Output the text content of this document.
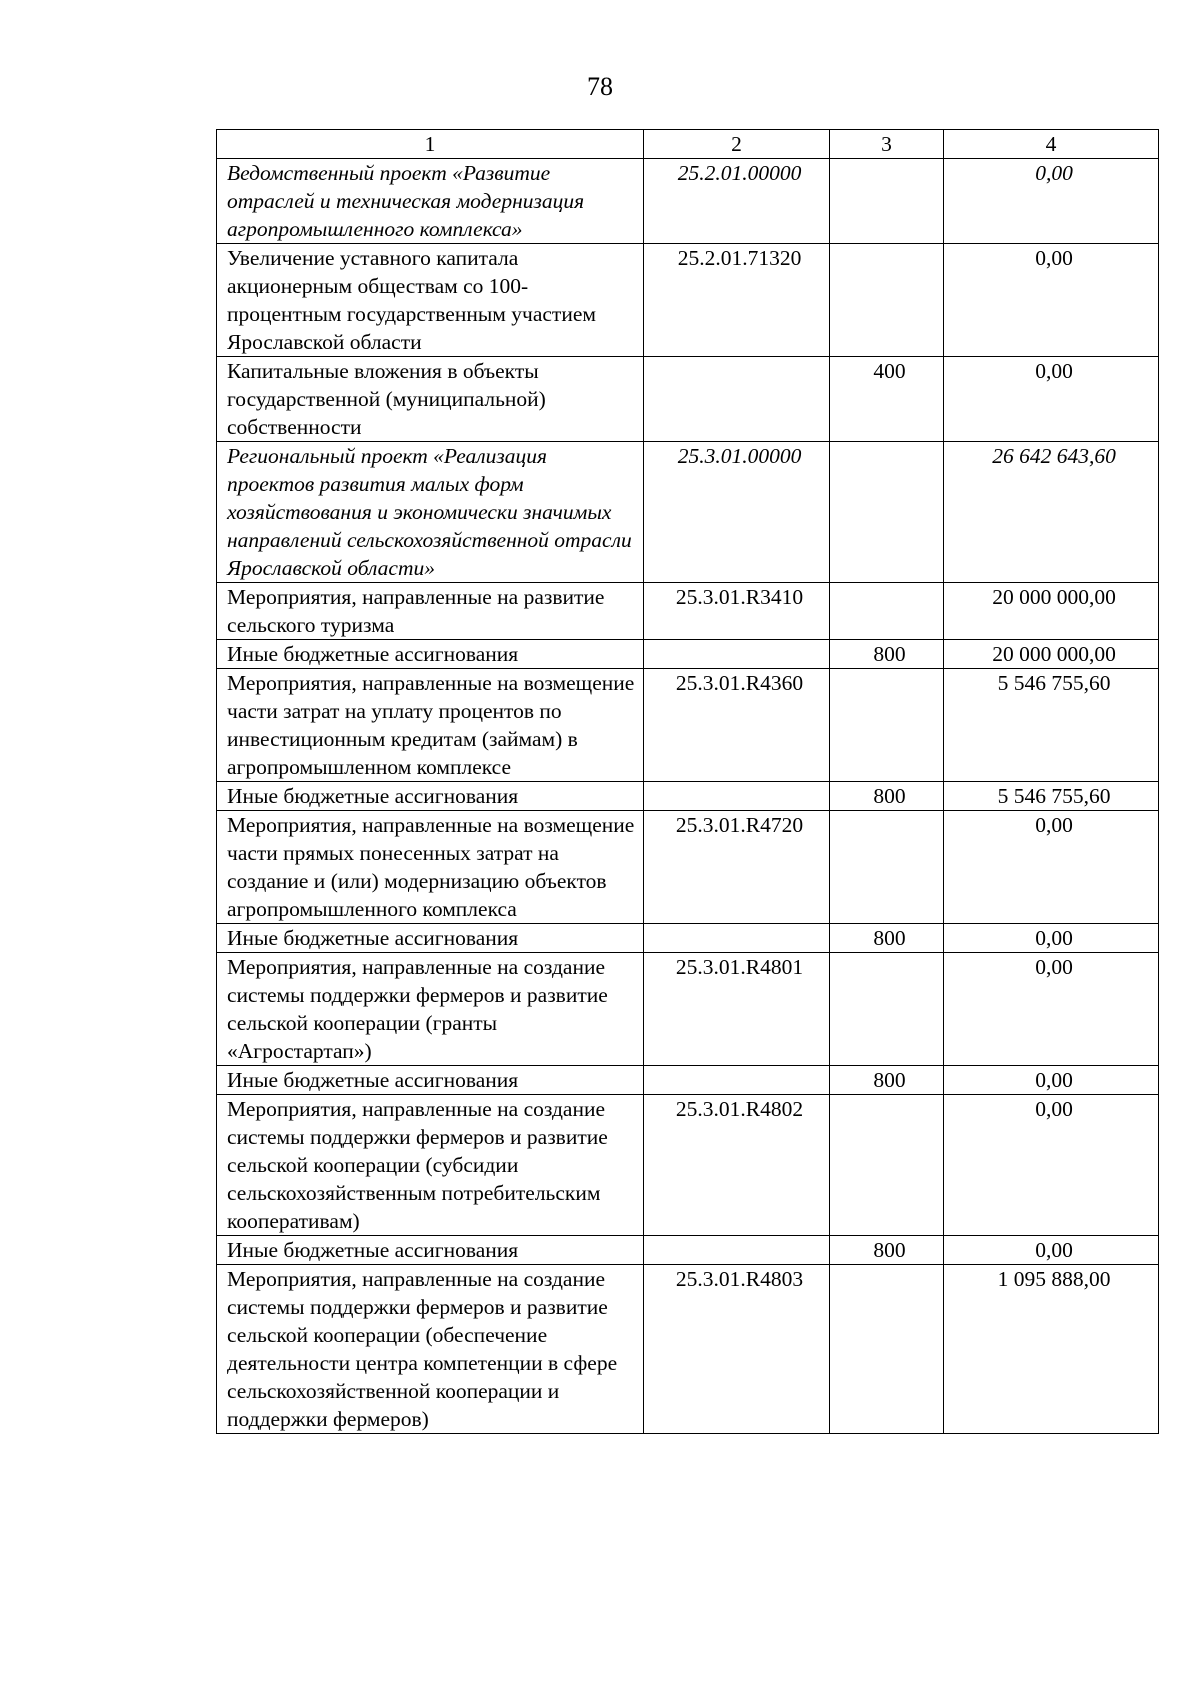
78
1	2	3	4
Ведомственный проект «Развитие отраслей и техническая модернизация агропромышленного комплекса»	25.2.01.00000		0,00
Увеличение уставного капитала акционерным обществам со 100-процентным государственным участием Ярославской области	25.2.01.71320		0,00
Капитальные вложения в объекты государственной (муниципальной) собственности		400	0,00
Региональный проект «Реализация проектов развития малых форм хозяйствования и экономически значимых направлений сельскохозяйственной отрасли Ярославской области»	25.3.01.00000		26 642 643,60
Мероприятия, направленные на развитие сельского туризма	25.3.01.R3410		20 000 000,00
Иные бюджетные ассигнования		800	20 000 000,00
Мероприятия, направленные на возмещение части затрат на уплату процентов по инвестиционным кредитам (займам) в агропромышленном комплексе	25.3.01.R4360		5 546 755,60
Иные бюджетные ассигнования		800	5 546 755,60
Мероприятия, направленные на возмещение части прямых понесенных затрат на создание и (или) модернизацию объектов агропромышленного комплекса	25.3.01.R4720		0,00
Иные бюджетные ассигнования		800	0,00
Мероприятия, направленные на создание системы поддержки фермеров и развитие сельской кооперации (гранты «Агростартап»)	25.3.01.R4801		0,00
Иные бюджетные ассигнования		800	0,00
Мероприятия, направленные на создание системы поддержки фермеров и развитие сельской кооперации (субсидии сельскохозяйственным потребительским кооперативам)	25.3.01.R4802		0,00
Иные бюджетные ассигнования		800	0,00
Мероприятия, направленные на создание системы поддержки фермеров и развитие сельской кооперации (обеспечение деятельности центра компетенции в сфере сельскохозяйственной кооперации и поддержки фермеров)	25.3.01.R4803		1 095 888,00
